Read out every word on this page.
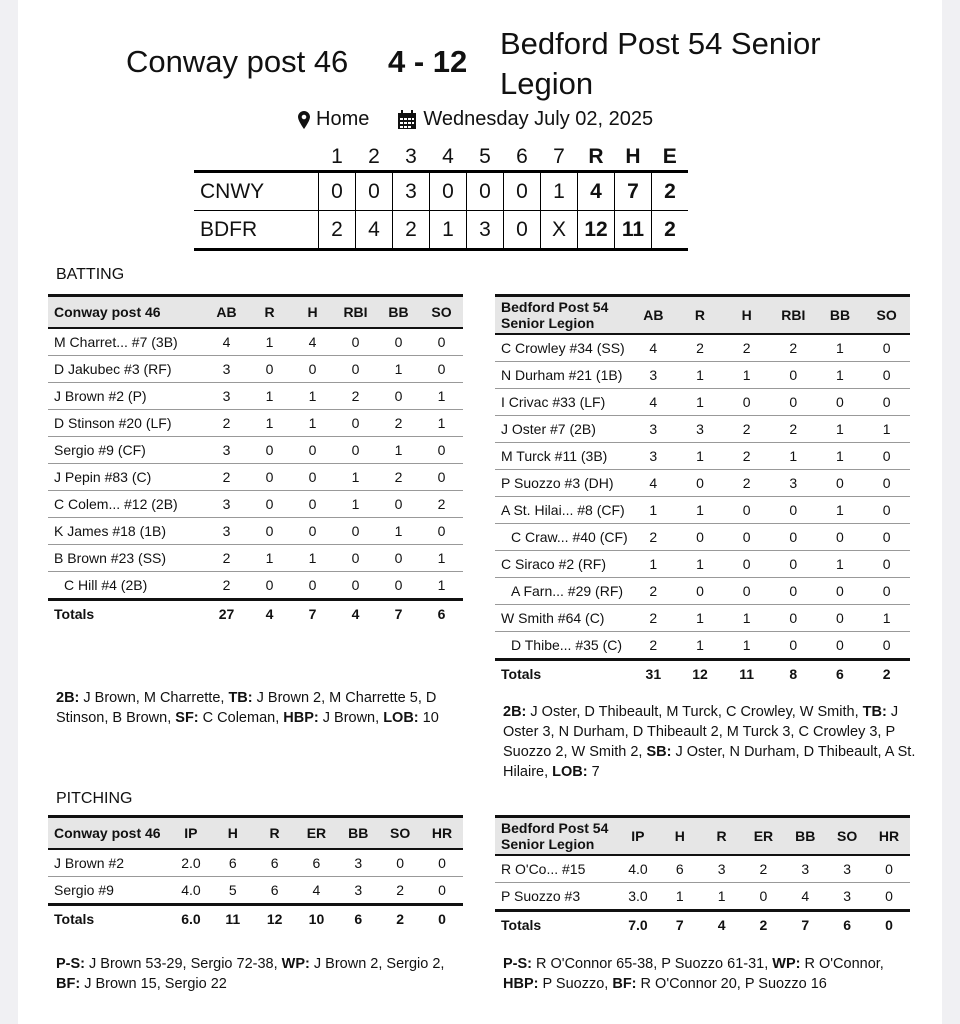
Conway post 46 4 - 12
Bedford Post 54 Senior Legion
Home	Wednesday July 02, 2025
	1	2	3	4	5	6	7	R	H	E
CNWY	0	0	3	0	0	0	1	4	7	2
BDFR	2	4	2	1	3	0	X	12	11	2
BATTING
Conway post 46	AB	R	H	RBI	BB	SO
M Charret... #7 (3B)	4	1	4	0	0	0
D Jakubec #3 (RF)	3	0	0	0	1	0
J Brown #2 (P)	3	1	1	2	0	1
D Stinson #20 (LF)	2	1	1	0	2	1
Sergio #9 (CF)	3	0	0	0	1	0
J Pepin #83 (C)	2	0	0	1	2	0
C Colem... #12 (2B)	3	0	0	1	0	2
K James #18 (1B)	3	0	0	0	1	0
B Brown #23 (SS)	2	1	1	0	0	1
C Hill #4 (2B)	2	0	0	0	0	1
Totals	27	4	7	4	7	6
Bedford Post 54 Senior Legion	AB	R	H	RBI	BB	SO
C Crowley #34 (SS)	4	2	2	2	1	0
N Durham #21 (1B)	3	1	1	0	1	0
I Crivac #33 (LF)	4	1	0	0	0	0
J Oster #7 (2B)	3	3	2	2	1	1
M Turck #11 (3B)	3	1	2	1	1	0
P Suozzo #3 (DH)	4	0	2	3	0	0
A St. Hilai... #8 (CF)	1	1	0	0	1	0
C Craw... #40 (CF)	2	0	0	0	0	0
C Siraco #2 (RF)	1	1	0	0	1	0
A Farn... #29 (RF)	2	0	0	0	0	0
W Smith #64 (C)	2	1	1	0	0	1
D Thibe... #35 (C)	2	1	1	0	0	0
Totals	31	12	11	8	6	2
2B: J Brown, M Charrette, TB: J Brown 2, M Charrette 5, D Stinson, B Brown, SF: C Coleman, HBP: J Brown, LOB: 10	2B: J Oster, D Thibeault, M Turck, C Crowley, W Smith, TB: J Oster 3, N Durham, D Thibeault 2, M Turck 3, C Crowley 3, P Suozzo 2, W Smith 2, SB: J Oster, N Durham, D Thibeault, A St. Hilaire, LOB: 7
PITCHING
Conway post 46	IP	H	R	ER	BB	SO	HR
J Brown #2	2.0	6	6	6	3	0	0
Sergio #9	4.0	5	6	4	3	2	0
Totals	6.0	11	12	10	6	2	0
Bedford Post 54 Senior Legion	IP	H	R	ER	BB	SO	HR
R O'Co... #15	4.0	6	3	2	3	3	0
P Suozzo #3	3.0	1	1	0	4	3	0
Totals	7.0	7	4	2	7	6	0
P-S: J Brown 53-29, Sergio 72-38, WP: J Brown 2, Sergio 2, BF: J Brown 15, Sergio 22
P-S: R O'Connor 65-38, P Suozzo 61-31, WP: R O'Connor, HBP: P Suozzo, BF: R O'Connor 20, P Suozzo 16
